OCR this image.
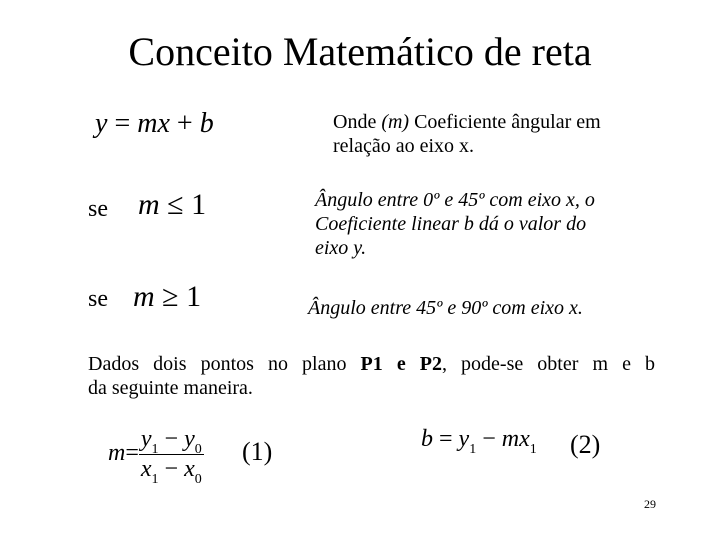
Conceito Matemático de reta
y = mx + b	Onde (m) Coeficiente ângular em
relação ao eixo x.
se m ≤ 1	Ângulo entre 0º e 45º com eixo x, o
Coeficiente linear b dá o valor do
eixo y.
se m ≥ 1	Ângulo entre 45º e 90º com eixo x.
Dados dois pontos no plano P1 e P2, pode-se obter m e b
da seguinte maneira.
$m= \frac{y_1 - y_0}{x_1 - x_0} (1)$	$b = y_1 - mx_1$ (2)
29
